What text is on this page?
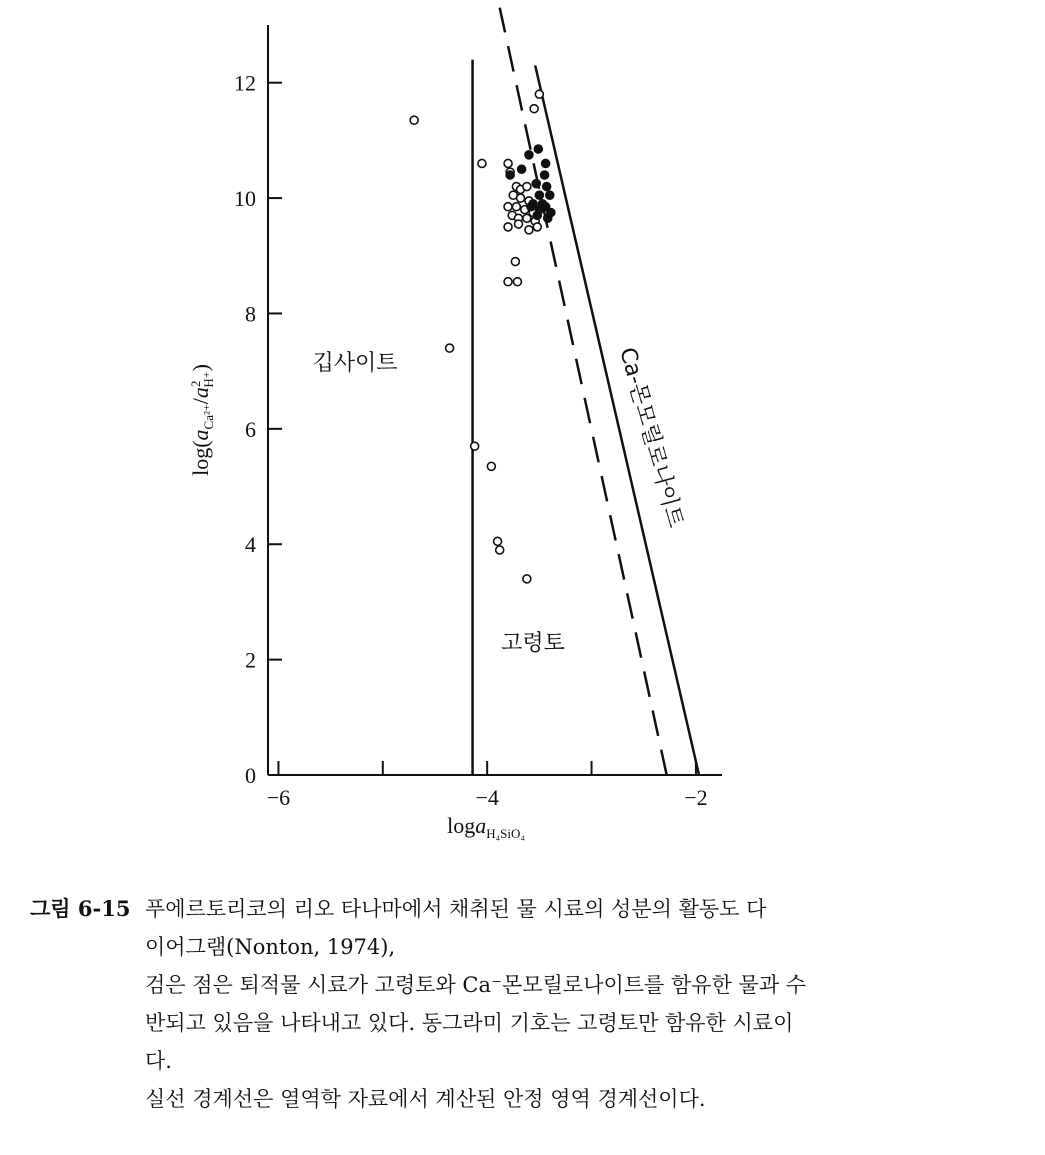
−6	−4	−2
0
2
4
6
8
10
12
$\log(a_{Ca^{2+}}/a^2H^+)$
loga$_{H_4SiO_4}$
깁사이트
고령토
Ca-몬모릴로나이트
그림 6-15 푸에르토리코의 리오 타나마에서 채취된 물 시료의 성분의 활동도 다
이어그램(Nonton, 1974),
검은 점은 퇴적물 시료가 고령토와 Ca⁻몬모릴로나이트를 함유한 물과 수
반되고 있음을 나타내고 있다. 동그라미 기호는 고령토만 함유한 시료이
다.
실선 경계선은 열역학 자료에서 계산된 안정 영역 경계선이다.
